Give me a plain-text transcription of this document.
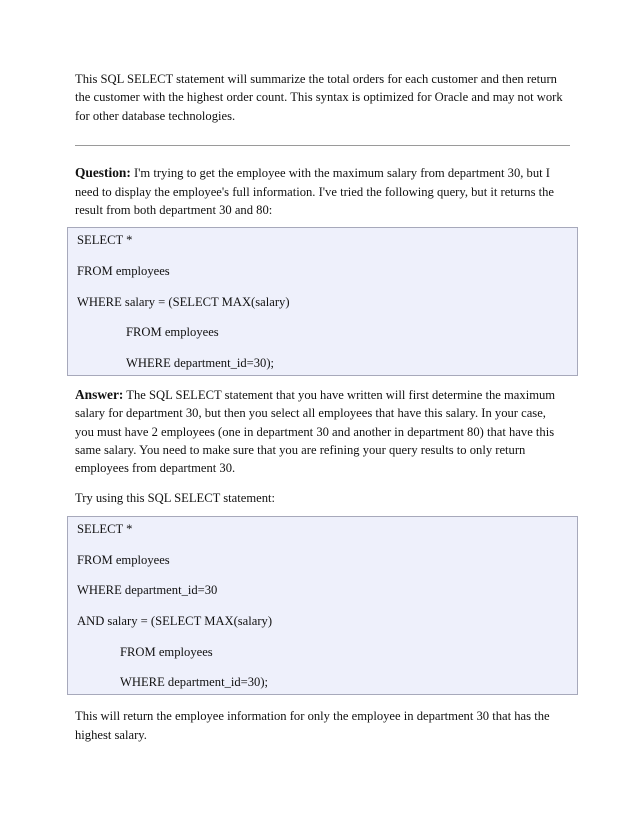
This SQL SELECT statement will summarize the total orders for each customer and then return
the customer with the highest order count. This syntax is optimized for Oracle and may not work
for other database technologies.

Question: I'm trying to get the employee with the maximum salary from department 30, but I
need to display the employee's full information. I've tried the following query, but it returns the
result from both department 30 and 80:

SELECT *
FROM employees
WHERE salary = (SELECT MAX(salary)
FROM employees
WHERE department_id=30);

Answer: The SQL SELECT statement that you have written will first determine the maximum
salary for department 30, but then you select all employees that have this salary. In your case,
you must have 2 employees (one in department 30 and another in department 80) that have this
same salary. You need to make sure that you are refining your query results to only return
employees from department 30.

Try using this SQL SELECT statement:

SELECT *
FROM employees
WHERE department_id=30
AND salary = (SELECT MAX(salary)
FROM employees
WHERE department_id=30);

This will return the employee information for only the employee in department 30 that has the
highest salary.
